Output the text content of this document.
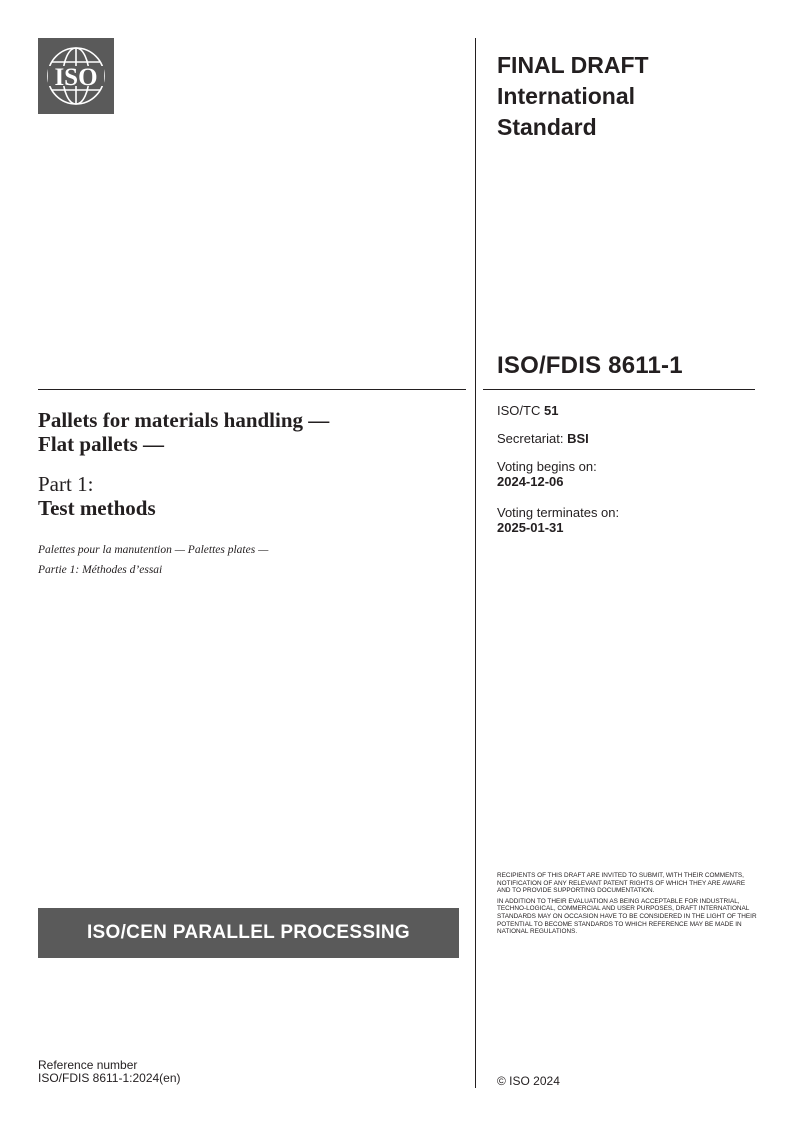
ISO	FINAL DRAFT
International
Standard
ISO/FDIS 8611-1
Pallets for materials handling —
Flat pallets —

Part 1:

Test methods

Palettes pour la manutention — Palettes plates —
Partie 1: Méthodes d’essai

ISO/TC 51

Secretariat: BSI

Voting begins on:
2024-12-06

Voting terminates on:
2025-01-31

RECIPIENTS OF THIS DRAFT ARE INVITED TO SUBMIT, WITH THEIR COMMENTS, NOTIFICATION OF ANY RELEVANT PATENT RIGHTS OF WHICH THEY ARE AWARE AND TO PROVIDE SUPPORTING DOCUMENTATION.

IN ADDITION TO THEIR EVALUATION AS BEING ACCEPTABLE FOR INDUSTRIAL, TECHNO-LOGICAL, COMMERCIAL AND USER PURPOSES, DRAFT INTERNATIONAL STANDARDS MAY ON OCCASION HAVE TO BE CONSIDERED IN THE LIGHT OF THEIR POTENTIAL TO BECOME STANDARDS TO WHICH REFERENCE MAY BE MADE IN NATIONAL REGULATIONS.

ISO/CEN PARALLEL PROCESSING

Reference number
ISO/FDIS 8611-1:2024(en)	© ISO 2024
